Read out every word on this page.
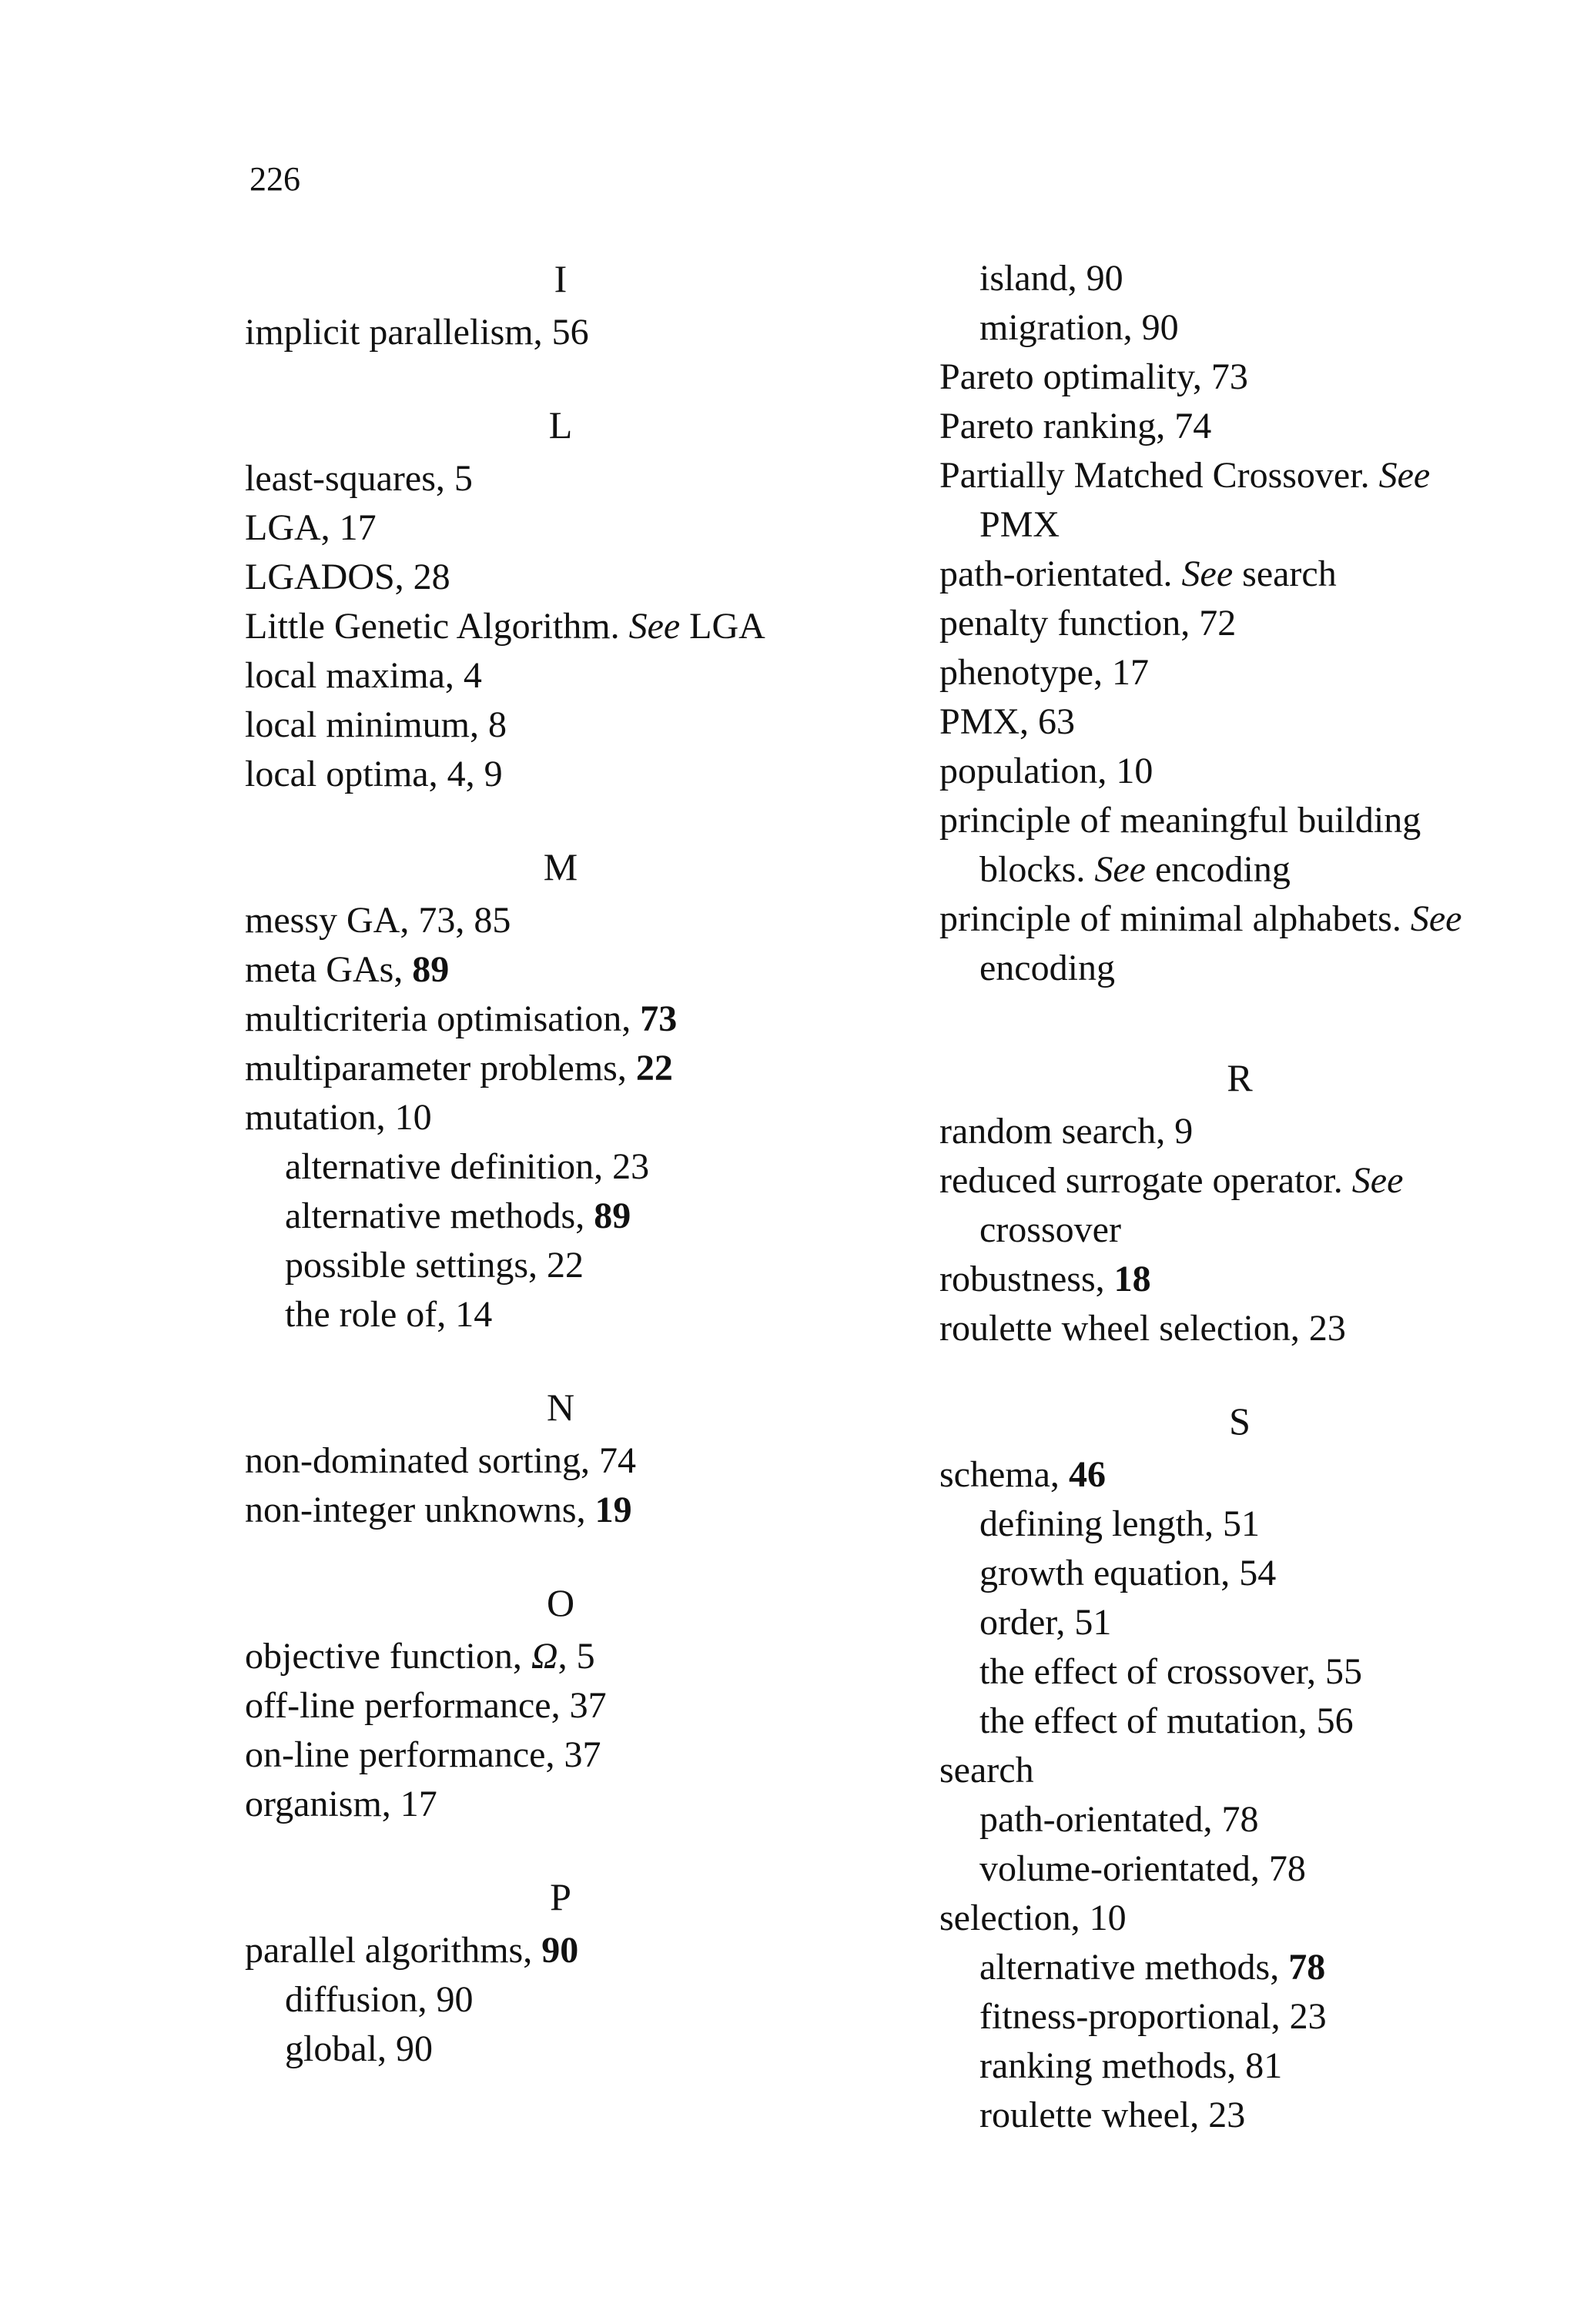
226
I
implicit parallelism, 56
L
least-squares, 5
LGA, 17
LGADOS, 28
Little Genetic Algorithm. See LGA
local maxima, 4
local minimum, 8
local optima, 4, 9
M
messy GA, 73, 85
meta GAs, 89
multicriteria optimisation, 73
multiparameter problems, 22
mutation, 10
alternative definition, 23
alternative methods, 89
possible settings, 22
the role of, 14
N
non-dominated sorting, 74
non-integer unknowns, 19
O
objective function, Ω, 5
off-line performance, 37
on-line performance, 37
organism, 17
P
parallel algorithms, 90
diffusion, 90
global, 90
island, 90
migration, 90
Pareto optimality, 73
Pareto ranking, 74
Partially Matched Crossover. See
PMX
path-orientated. See search
penalty function, 72
phenotype, 17
PMX, 63
population, 10
principle of meaningful building
blocks. See encoding
principle of minimal alphabets. See
encoding
R
random search, 9
reduced surrogate operator. See
crossover
robustness, 18
roulette wheel selection, 23
S
schema, 46
defining length, 51
growth equation, 54
order, 51
the effect of crossover, 55
the effect of mutation, 56
search
path-orientated, 78
volume-orientated, 78
selection, 10
alternative methods, 78
fitness-proportional, 23
ranking methods, 81
roulette wheel, 23
